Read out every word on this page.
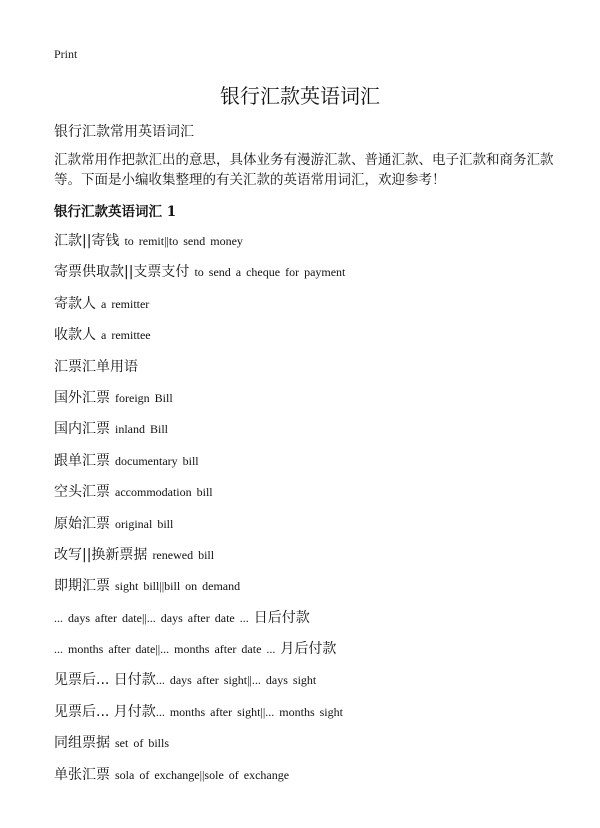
Print
银行汇款英语词汇
银行汇款常用英语词汇
汇款常用作把款汇出的意思，具体业务有漫游汇款、普通汇款、电子汇款和商务汇款等。下面是小编收集整理的有关汇款的英语常用词汇，欢迎参考！
银行汇款英语词汇 1
汇款||寄钱 to remit||to send money
寄票供取款||支票支付 to send a cheque for payment
寄款人 a remitter
收款人 a remittee
汇票汇单用语
国外汇票 foreign Bill
国内汇票 inland Bill
跟单汇票 documentary bill
空头汇票 accommodation bill
原始汇票 original bill
改写||换新票据 renewed bill
即期汇票 sight bill||bill on demand
... days after date||... days after date ... 日后付款
... months after date||... months after date ... 月后付款
见票后... 日付款... days after sight||... days sight
见票后... 月付款... months after sight||... months sight
同组票据 set of bills
单张汇票 sola of exchange||sole of exchange
